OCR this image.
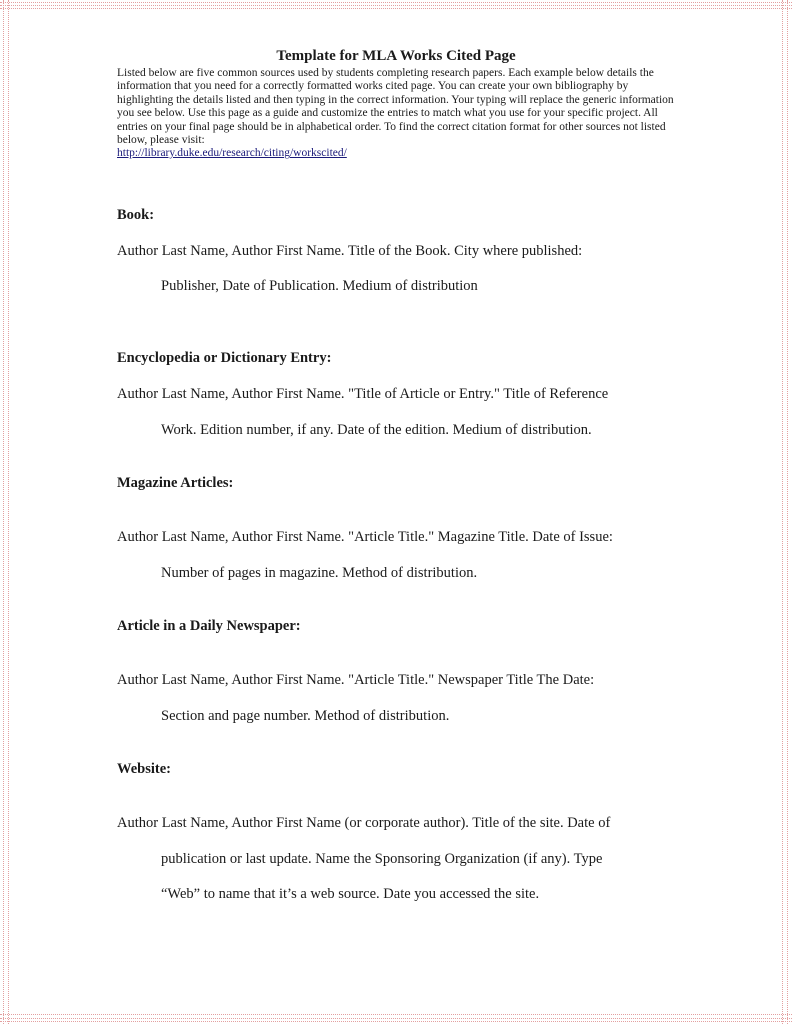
Template for MLA Works Cited Page

Listed below are five common sources used by students completing research papers. Each example below details the information that you need for a correctly formatted works cited page. You can create your own bibliography by highlighting the details listed and then typing in the correct information. Your typing will replace the generic information you see below. Use this page as a guide and customize the entries to match what you use for your specific project. All entries on your final page should be in alphabetical order. To find the correct citation format for other sources not listed below, please visit:
http://library.duke.edu/research/citing/workscited/

Book:

Author Last Name, Author First Name. Title of the Book. City where published:

Publisher, Date of Publication. Medium of distribution

Encyclopedia or Dictionary Entry:

Author Last Name, Author First Name. "Title of Article or Entry." Title of Reference

Work. Edition number, if any. Date of the edition. Medium of distribution.

Magazine Articles:

Author Last Name, Author First Name. "Article Title." Magazine Title. Date of Issue:

Number of pages in magazine. Method of distribution.

Article in a Daily Newspaper:

Author Last Name, Author First Name. "Article Title." Newspaper Title The Date:

Section and page number. Method of distribution.

Website:

Author Last Name, Author First Name (or corporate author). Title of the site. Date of

publication or last update. Name the Sponsoring Organization (if any). Type

“Web” to name that it’s a web source. Date you accessed the site.
